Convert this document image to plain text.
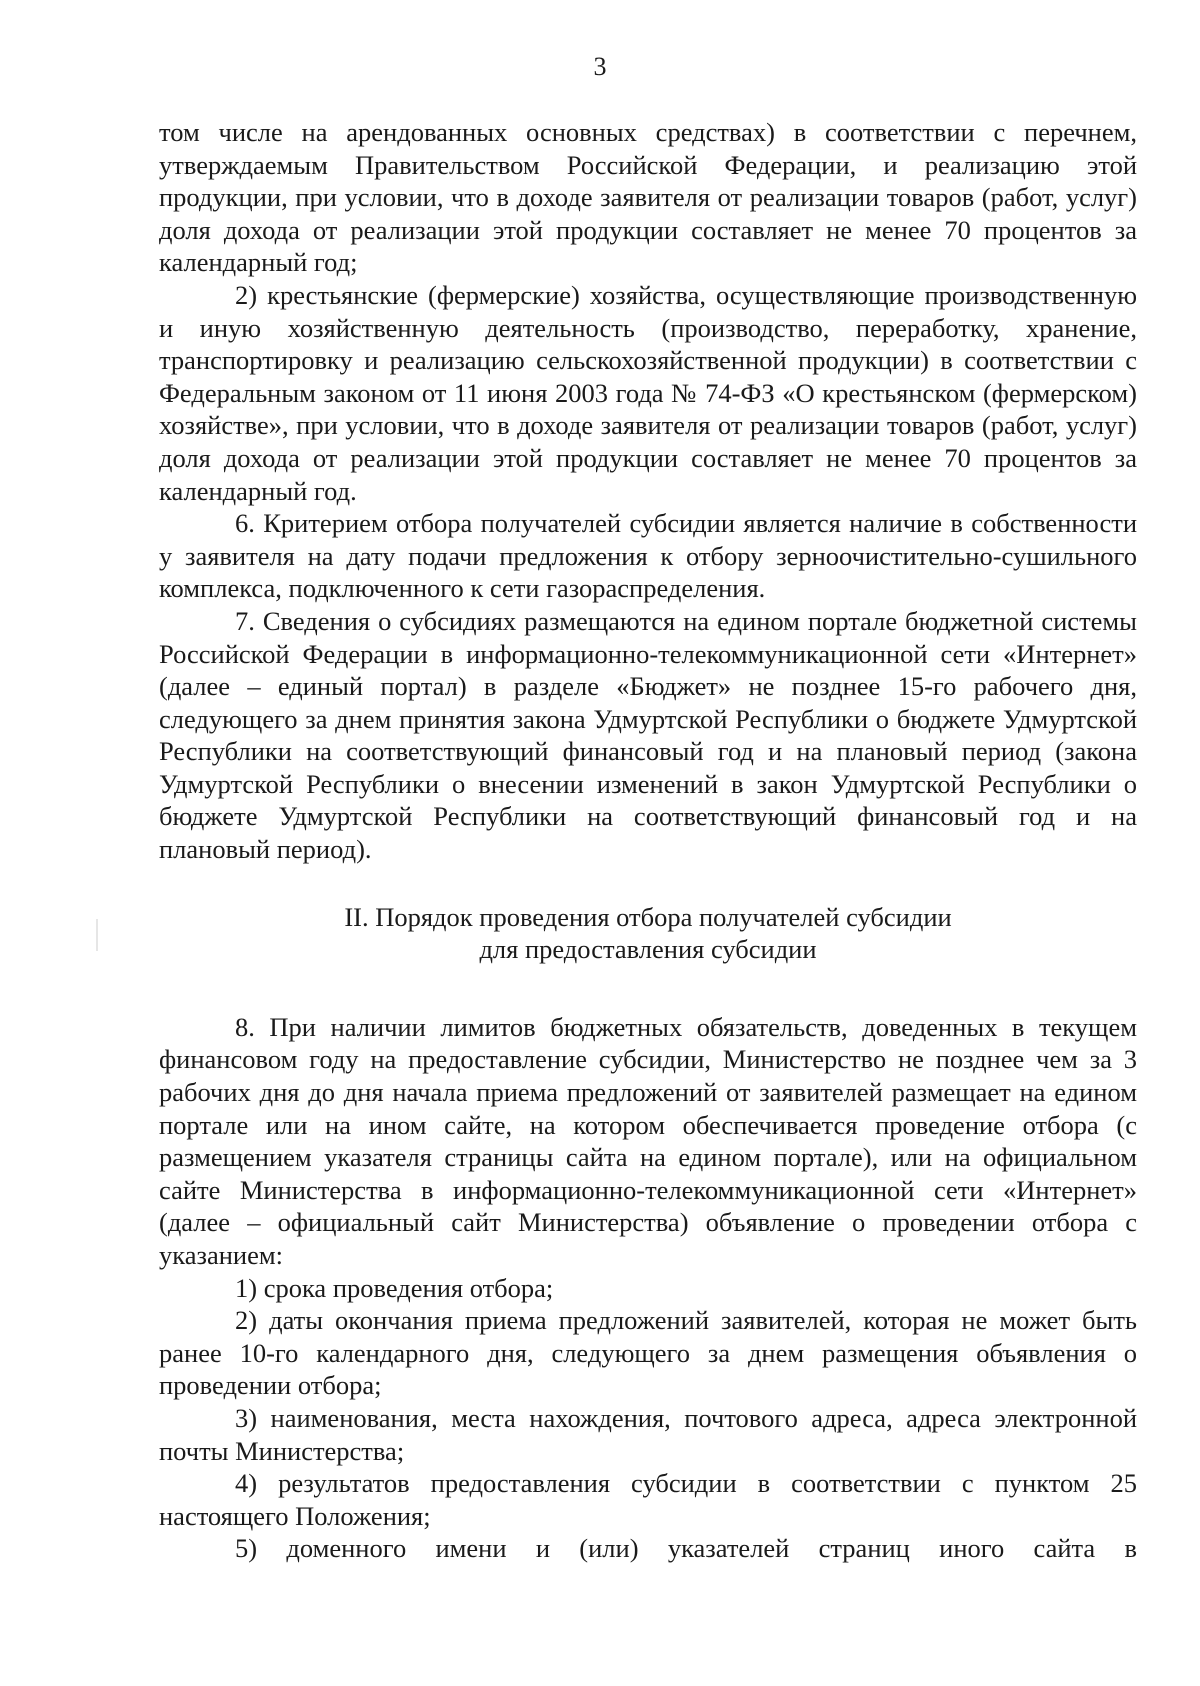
3

том числе на арендованных основных средствах) в соответствии с перечнем, утверждаемым Правительством Российской Федерации, и реализацию этой продукции, при условии, что в доходе заявителя от реализации товаров (работ, услуг) доля дохода от реализации этой продукции составляет не менее 70 процентов за календарный год;

2) крестьянские (фермерские) хозяйства, осуществляющие производственную и иную хозяйственную деятельность (производство, переработку, хранение, транспортировку и реализацию сельскохозяйственной продукции) в соответствии с Федеральным законом от 11 июня 2003 года № 74-ФЗ «О крестьянском (фермерском) хозяйстве», при условии, что в доходе заявителя от реализации товаров (работ, услуг) доля дохода от реализации этой продукции составляет не менее 70 процентов за календарный год.

6. Критерием отбора получателей субсидии является наличие в собственности у заявителя на дату подачи предложения к отбору зерноочистительно-сушильного комплекса, подключенного к сети газораспределения.

7. Сведения о субсидиях размещаются на едином портале бюджетной системы Российской Федерации в информационно-телекоммуникационной сети «Интернет» (далее – единый портал) в разделе «Бюджет» не позднее 15-го рабочего дня, следующего за днем принятия закона Удмуртской Республики о бюджете Удмуртской Республики на соответствующий финансовый год и на плановый период (закона Удмуртской Республики о внесении изменений в закон Удмуртской Республики о бюджете Удмуртской Республики на соответствующий финансовый год и на плановый период).

II. Порядок проведения отбора получателей субсидии
для предоставления субсидии

8. При наличии лимитов бюджетных обязательств, доведенных в текущем финансовом году на предоставление субсидии, Министерство не позднее чем за 3 рабочих дня до дня начала приема предложений от заявителей размещает на едином портале или на ином сайте, на котором обеспечивается проведение отбора (с размещением указателя страницы сайта на едином портале), или на официальном сайте Министерства в информационно-телекоммуникационной сети «Интернет» (далее – официальный сайт Министерства) объявление о проведении отбора с указанием:

1) срока проведения отбора;

2) даты окончания приема предложений заявителей, которая не может быть ранее 10-го календарного дня, следующего за днем размещения объявления о проведении отбора;

3) наименования, места нахождения, почтового адреса, адреса электронной почты Министерства;

4) результатов предоставления субсидии в соответствии с пунктом 25 настоящего Положения;

5) доменного имени и (или) указателей страниц иного сайта в
